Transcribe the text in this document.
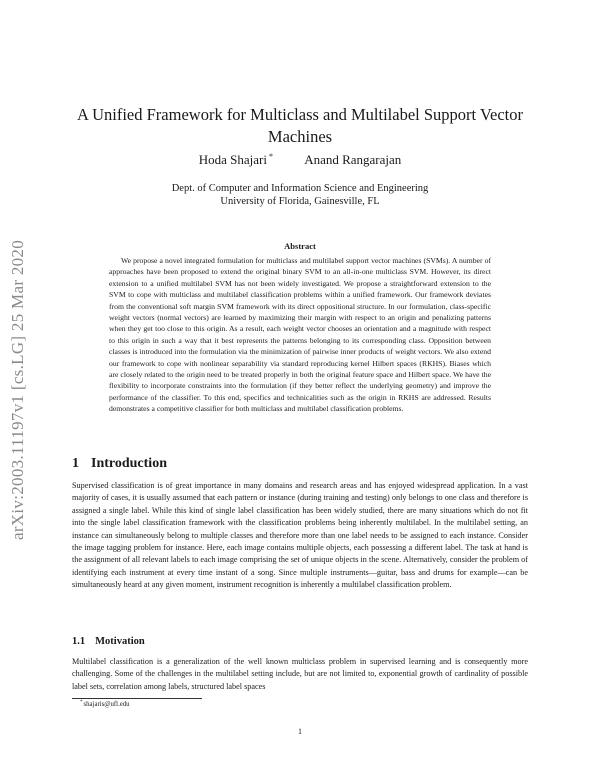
arXiv:2003.11197v1 [cs.LG] 25 Mar 2020
A Unified Framework for Multiclass and Multilabel Support Vector Machines
Hoda Shajari * Anand Rangarajan
Dept. of Computer and Information Science and Engineering
University of Florida, Gainesville, FL
Abstract

We propose a novel integrated formulation for multiclass and multilabel support vector machines (SVMs). A number of approaches have been proposed to extend the original binary SVM to an all-in-one multiclass SVM. However, its direct extension to a unified multilabel SVM has not been widely investigated. We propose a straightforward extension to the SVM to cope with multiclass and multilabel classification problems within a unified framework. Our framework deviates from the conventional soft margin SVM framework with its direct oppositional structure. In our formulation, class-specific weight vectors (normal vectors) are learned by maximizing their margin with respect to an origin and penalizing patterns when they get too close to this origin. As a result, each weight vector chooses an orientation and a magnitude with respect to this origin in such a way that it best represents the patterns belonging to its corresponding class. Opposition between classes is introduced into the formulation via the minimization of pairwise inner products of weight vectors. We also extend our framework to cope with nonlinear separability via standard reproducing kernel Hilbert spaces (RKHS). Biases which are closely related to the origin need to be treated properly in both the original feature space and Hilbert space. We have the flexibility to incorporate constraints into the formulation (if they better reflect the underlying geometry) and improve the performance of the classifier. To this end, specifics and technicalities such as the origin in RKHS are addressed. Results demonstrates a competitive classifier for both multiclass and multilabel classification problems.

1 Introduction

Supervised classification is of great importance in many domains and research areas and has enjoyed widespread application. In a vast majority of cases, it is usually assumed that each pattern or instance (during training and testing) only belongs to one class and therefore is assigned a single label. While this kind of single label classification has been widely studied, there are many situations which do not fit into the single label classification framework with the classification problems being inherently multilabel. In the multilabel setting, an instance can simultaneously belong to multiple classes and therefore more than one label needs to be assigned to each instance. Consider the image tagging problem for instance. Here, each image contains multiple objects, each possessing a different label. The task at hand is the assignment of all relevant labels to each image comprising the set of unique objects in the scene. Alternatively, consider the problem of identifying each instrument at every time instant of a song. Since multiple instruments—guitar, bass and drums for example—can be simultaneously heard at any given moment, instrument recognition is inherently a multilabel classification problem.

1.1 Motivation

Multilabel classification is a generalization of the well known multiclass problem in supervised learning and is consequently more challenging. Some of the challenges in the multilabel setting include, but are not limited to, exponential growth of cardinality of possible label sets, correlation among labels, structured label spaces

*shajaris@ufl.edu
1
